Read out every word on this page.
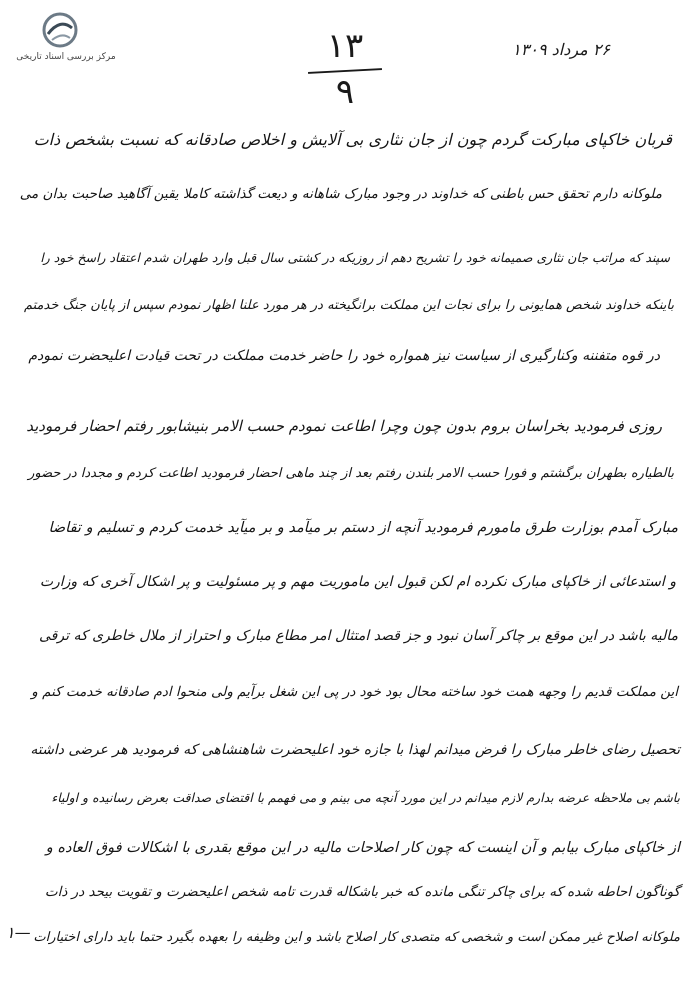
مرکز بررسی اسناد تاریخی	۲۶ مرداد ۱۳۰۹
۱۳
۹
قربان خاکپای مبارکت گردم چون از جان نثاری بی آلایش و اخلاص صادقانه که نسبت بشخص ذات
ملوکانه دارم تحقق حس باطنی که خداوند در وجود مبارک شاهانه و دیعت گذاشته کاملا یقین آگاهید صاحبت بدان می
سپند که مراتب جان نثاری صمیمانه خود را تشریح دهم از روزیکه در کشتی سال قبل وارد طهران شدم اعتقاد راسخ خود را
باینکه خداوند شخص همایونی را برای نجات این مملکت برانگیخته در هر مورد علنا اظهار نمودم سپس از پایان جنگ خدمتم
در قوه متفننه وکنارگیری از سیاست نیز همواره خود را حاضر خدمت مملکت در تحت قیادت اعلیحضرت نمودم
روزی فرمودید بخراسان بروم بدون چون وچرا اطاعت نمودم حسب الامر بنیشابور رفتم احضار فرمودید
بالطیاره بطهران برگشتم و فورا حسب الامر بلندن رفتم بعد از چند ماهی احضار فرمودید اطاعت کردم و مجددا در حضور
مبارک آمدم بوزارت طرق مامورم فرمودید آنچه از دستم بر میآمد و بر میآید خدمت کردم و تسلیم و تقاضا
و استدعائی از خاکپای مبارک نکرده ام لکن قبول این ماموریت مهم و پر مسئولیت و پر اشکال آخری که وزارت
مالیه باشد در این موقع بر چاکر آسان نبود و جز قصد امتثال امر مطاع مبارک و احتراز از ملال خاطری که ترقی
این مملکت قدیم را وجهه همت خود ساخته محال بود خود در پی این شغل برآیم ولی منحوا ادم صادقانه خدمت کنم و
تحصیل رضای خاطر مبارک را فرض میدانم لهذا با جازه خود اعلیحضرت شاهنشاهی که فرمودید هر عرضی داشته
باشم بی ملاحظه عرضه بدارم لازم میدانم در این مورد آنچه می بینم و می فهمم با اقتضای صداقت بعرض رسانیده و اولیاء
از خاکپای مبارک بیابم و آن اینست که چون کار اصلاحات مالیه در این موقع بقدری با اشکالات فوق العاده و
گوناگون احاطه شده که برای چاکر تنگی مانده که خبر باشکاله قدرت تامه شخص اعلیحضرت و تقویت بیحد در ذات
ملوکانه اصلاح غیر ممکن است و شخصی که متصدی کار اصلاح باشد و این وظیفه را بعهده بگیرد حتما باید دارای اختیارات
۱—
